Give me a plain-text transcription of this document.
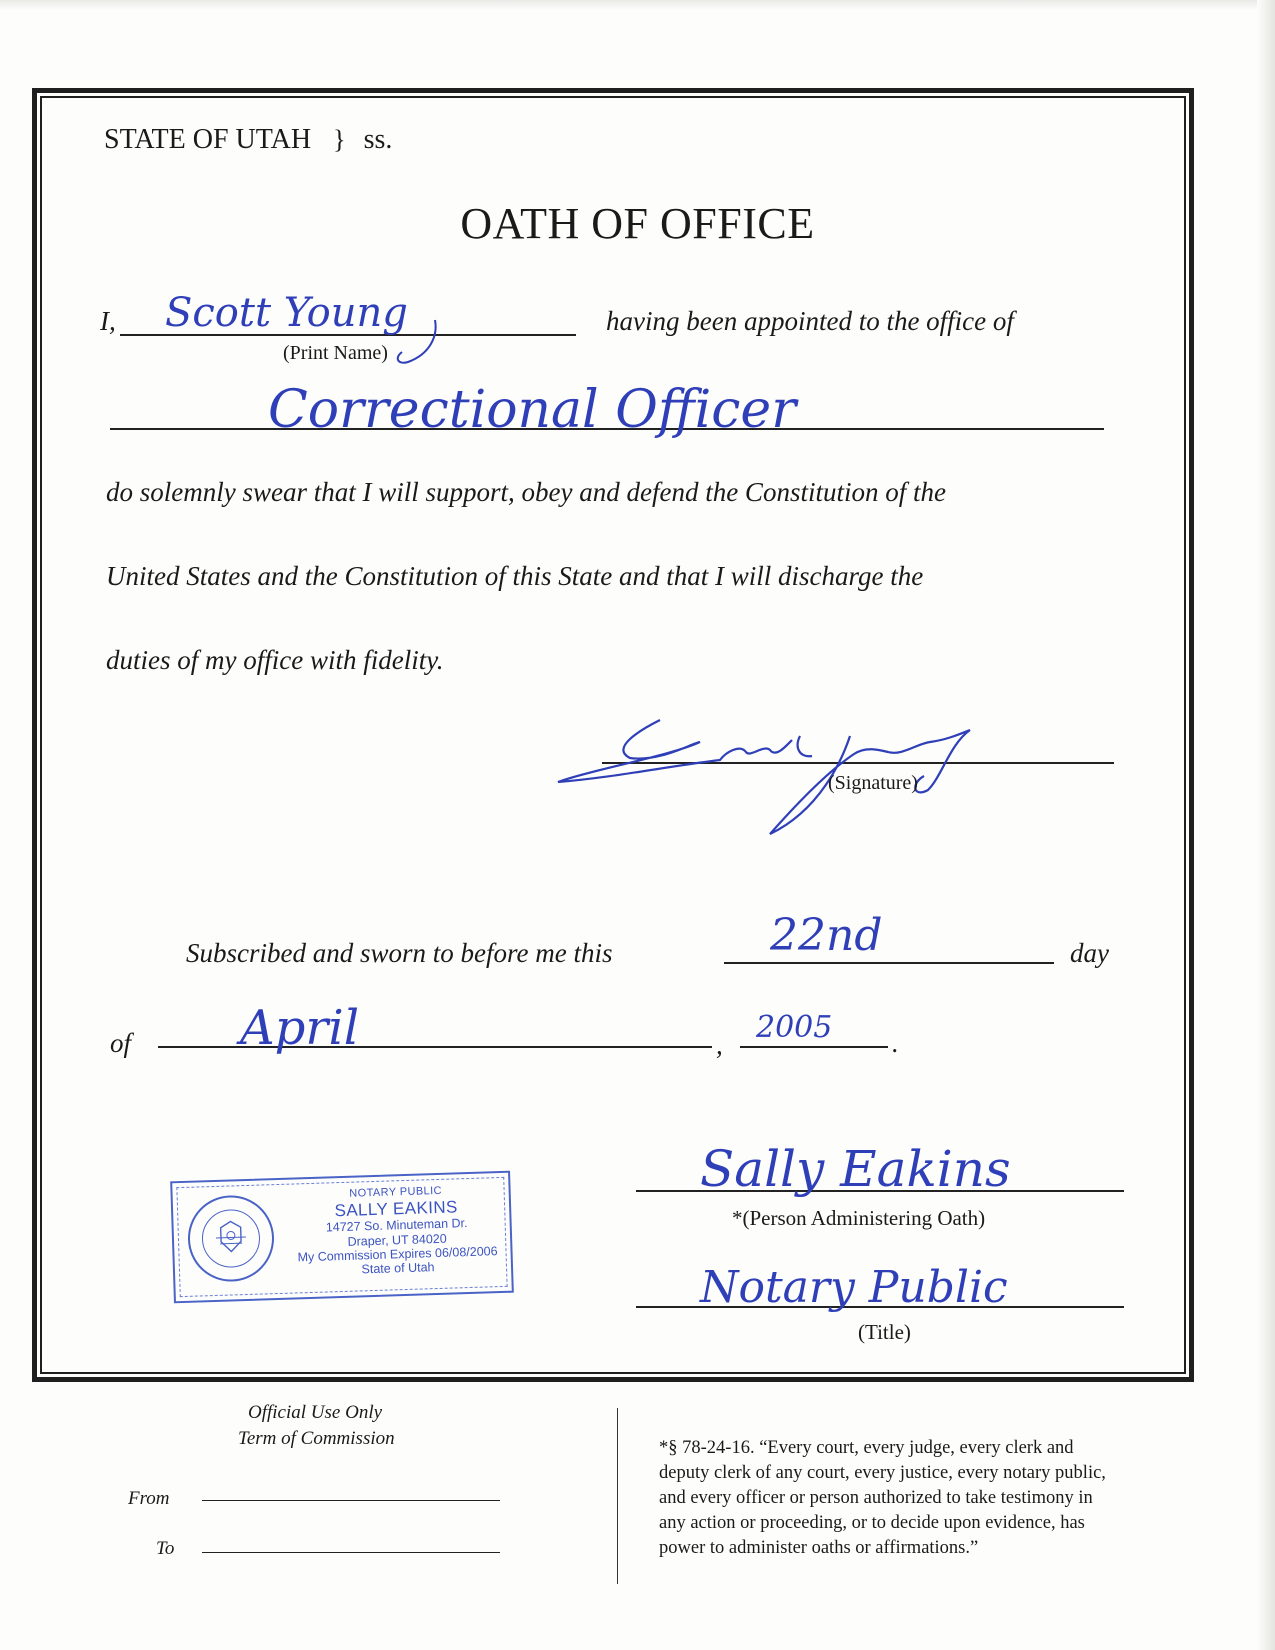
STATE OF UTAH } ss.
OATH OF OFFICE
I, Scott Young
(Print Name)
having been appointed to the office of
Correctional Officer
do solemnly swear that I will support, obey and defend the Constitution of the
United States and the Constitution of this State and that I will discharge the
duties of my office with fidelity.
(Signature)
Subscribed and sworn to before me this	22nd	day
of April	, 2005 .
NOTARY PUBLIC
SALLY EAKINS
14727 So. Minuteman Dr.
Draper, UT 84020
My Commission Expires 06/08/2006
State of Utah
Sally Eakins
*(Person Administering Oath)
Notary Public
(Title)
Official Use Only
Term of Commission
From
To
*§ 78-24-16. “Every court, every judge, every clerk and
deputy clerk of any court, every justice, every notary public,
and every officer or person authorized to take testimony in
any action or proceeding, or to decide upon evidence, has
power to administer oaths or affirmations.”
